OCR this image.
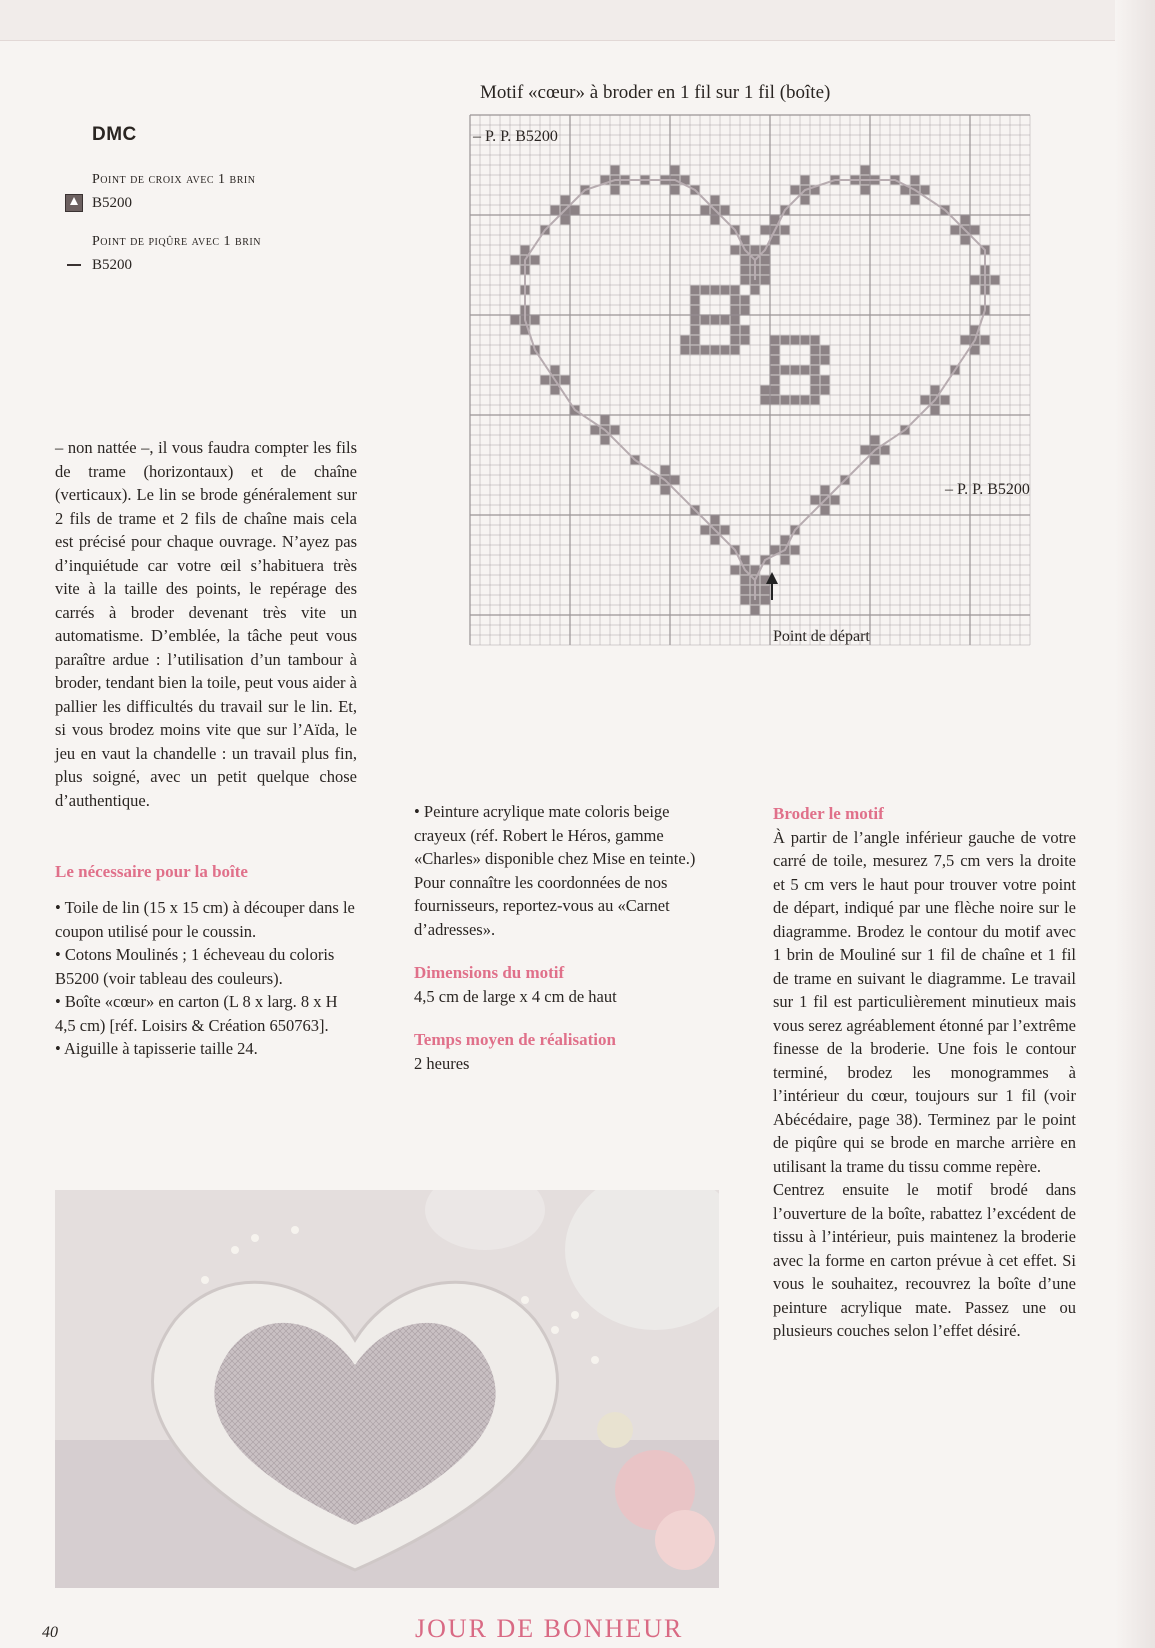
DMC
Point de croix avec 1 brin
B5200
Point de piqûre avec 1 brin
B5200

– non nattée –, il vous faudra compter les fils de trame (horizontaux) et de chaîne (verticaux). Le lin se brode généralement sur 2 fils de trame et 2 fils de chaîne mais cela est précisé pour chaque ouvrage. N’ayez pas d’inquiétude car votre œil s’habituera très vite à la taille des points, le repérage des carrés à broder devenant très vite un automatisme. D’emblée, la tâche peut vous paraître ardue : l’utilisation d’un tambour à broder, tendant bien la toile, peut vous aider à pallier les difficultés du travail sur le lin. Et, si vous brodez moins vite que sur l’Aïda, le jeu en vaut la chandelle : un travail plus fin, plus soigné, avec un petit quelque chose d’authentique.

Le nécessaire pour la boîte

• Toile de lin (15 x 15 cm) à découper dans le coupon utilisé pour le coussin.

• Cotons Moulinés ; 1 écheveau du coloris B5200 (voir tableau des couleurs).

• Boîte «cœur» en carton (L 8 x larg. 8 x H 4,5 cm) [réf. Loisirs & Création 650763].

• Aiguille à tapisserie taille 24.

Motif «cœur» à broder en 1 fil sur 1 fil (boîte)
– P. P. B5200
– P. P. B5200
Point de départ

• Peinture acrylique mate coloris beige crayeux (réf. Robert le Héros, gamme «Charles» disponible chez Mise en teinte.)

Pour connaître les coordonnées de nos fournisseurs, reportez-vous au «Carnet d’adresses».

Dimensions du motif

4,5 cm de large x 4 cm de haut

Temps moyen de réalisation

2 heures

Broder le motif

À partir de l’angle inférieur gauche de votre carré de toile, mesurez 7,5 cm vers la droite et 5 cm vers le haut pour trouver votre point de départ, indiqué par une flèche noire sur le diagramme. Brodez le contour du motif avec 1 brin de Mouliné sur 1 fil de chaîne et 1 fil de trame en suivant le diagramme. Le travail sur 1 fil est particulièrement minutieux mais vous serez agréablement étonné par l’extrême finesse de la broderie. Une fois le contour terminé, brodez les monogrammes à l’intérieur du cœur, toujours sur 1 fil (voir Abécédaire, page 38). Terminez par le point de piqûre qui se brode en marche arrière en utilisant la trame du tissu comme repère.

Centrez ensuite le motif brodé dans l’ouverture de la boîte, rabattez l’excédent de tissu à l’intérieur, puis maintenez la broderie avec la forme en carton prévue à cet effet. Si vous le souhaitez, recouvrez la boîte d’une peinture acrylique mate. Passez une ou plusieurs couches selon l’effet désiré.

40	JOUR DE BONHEUR
